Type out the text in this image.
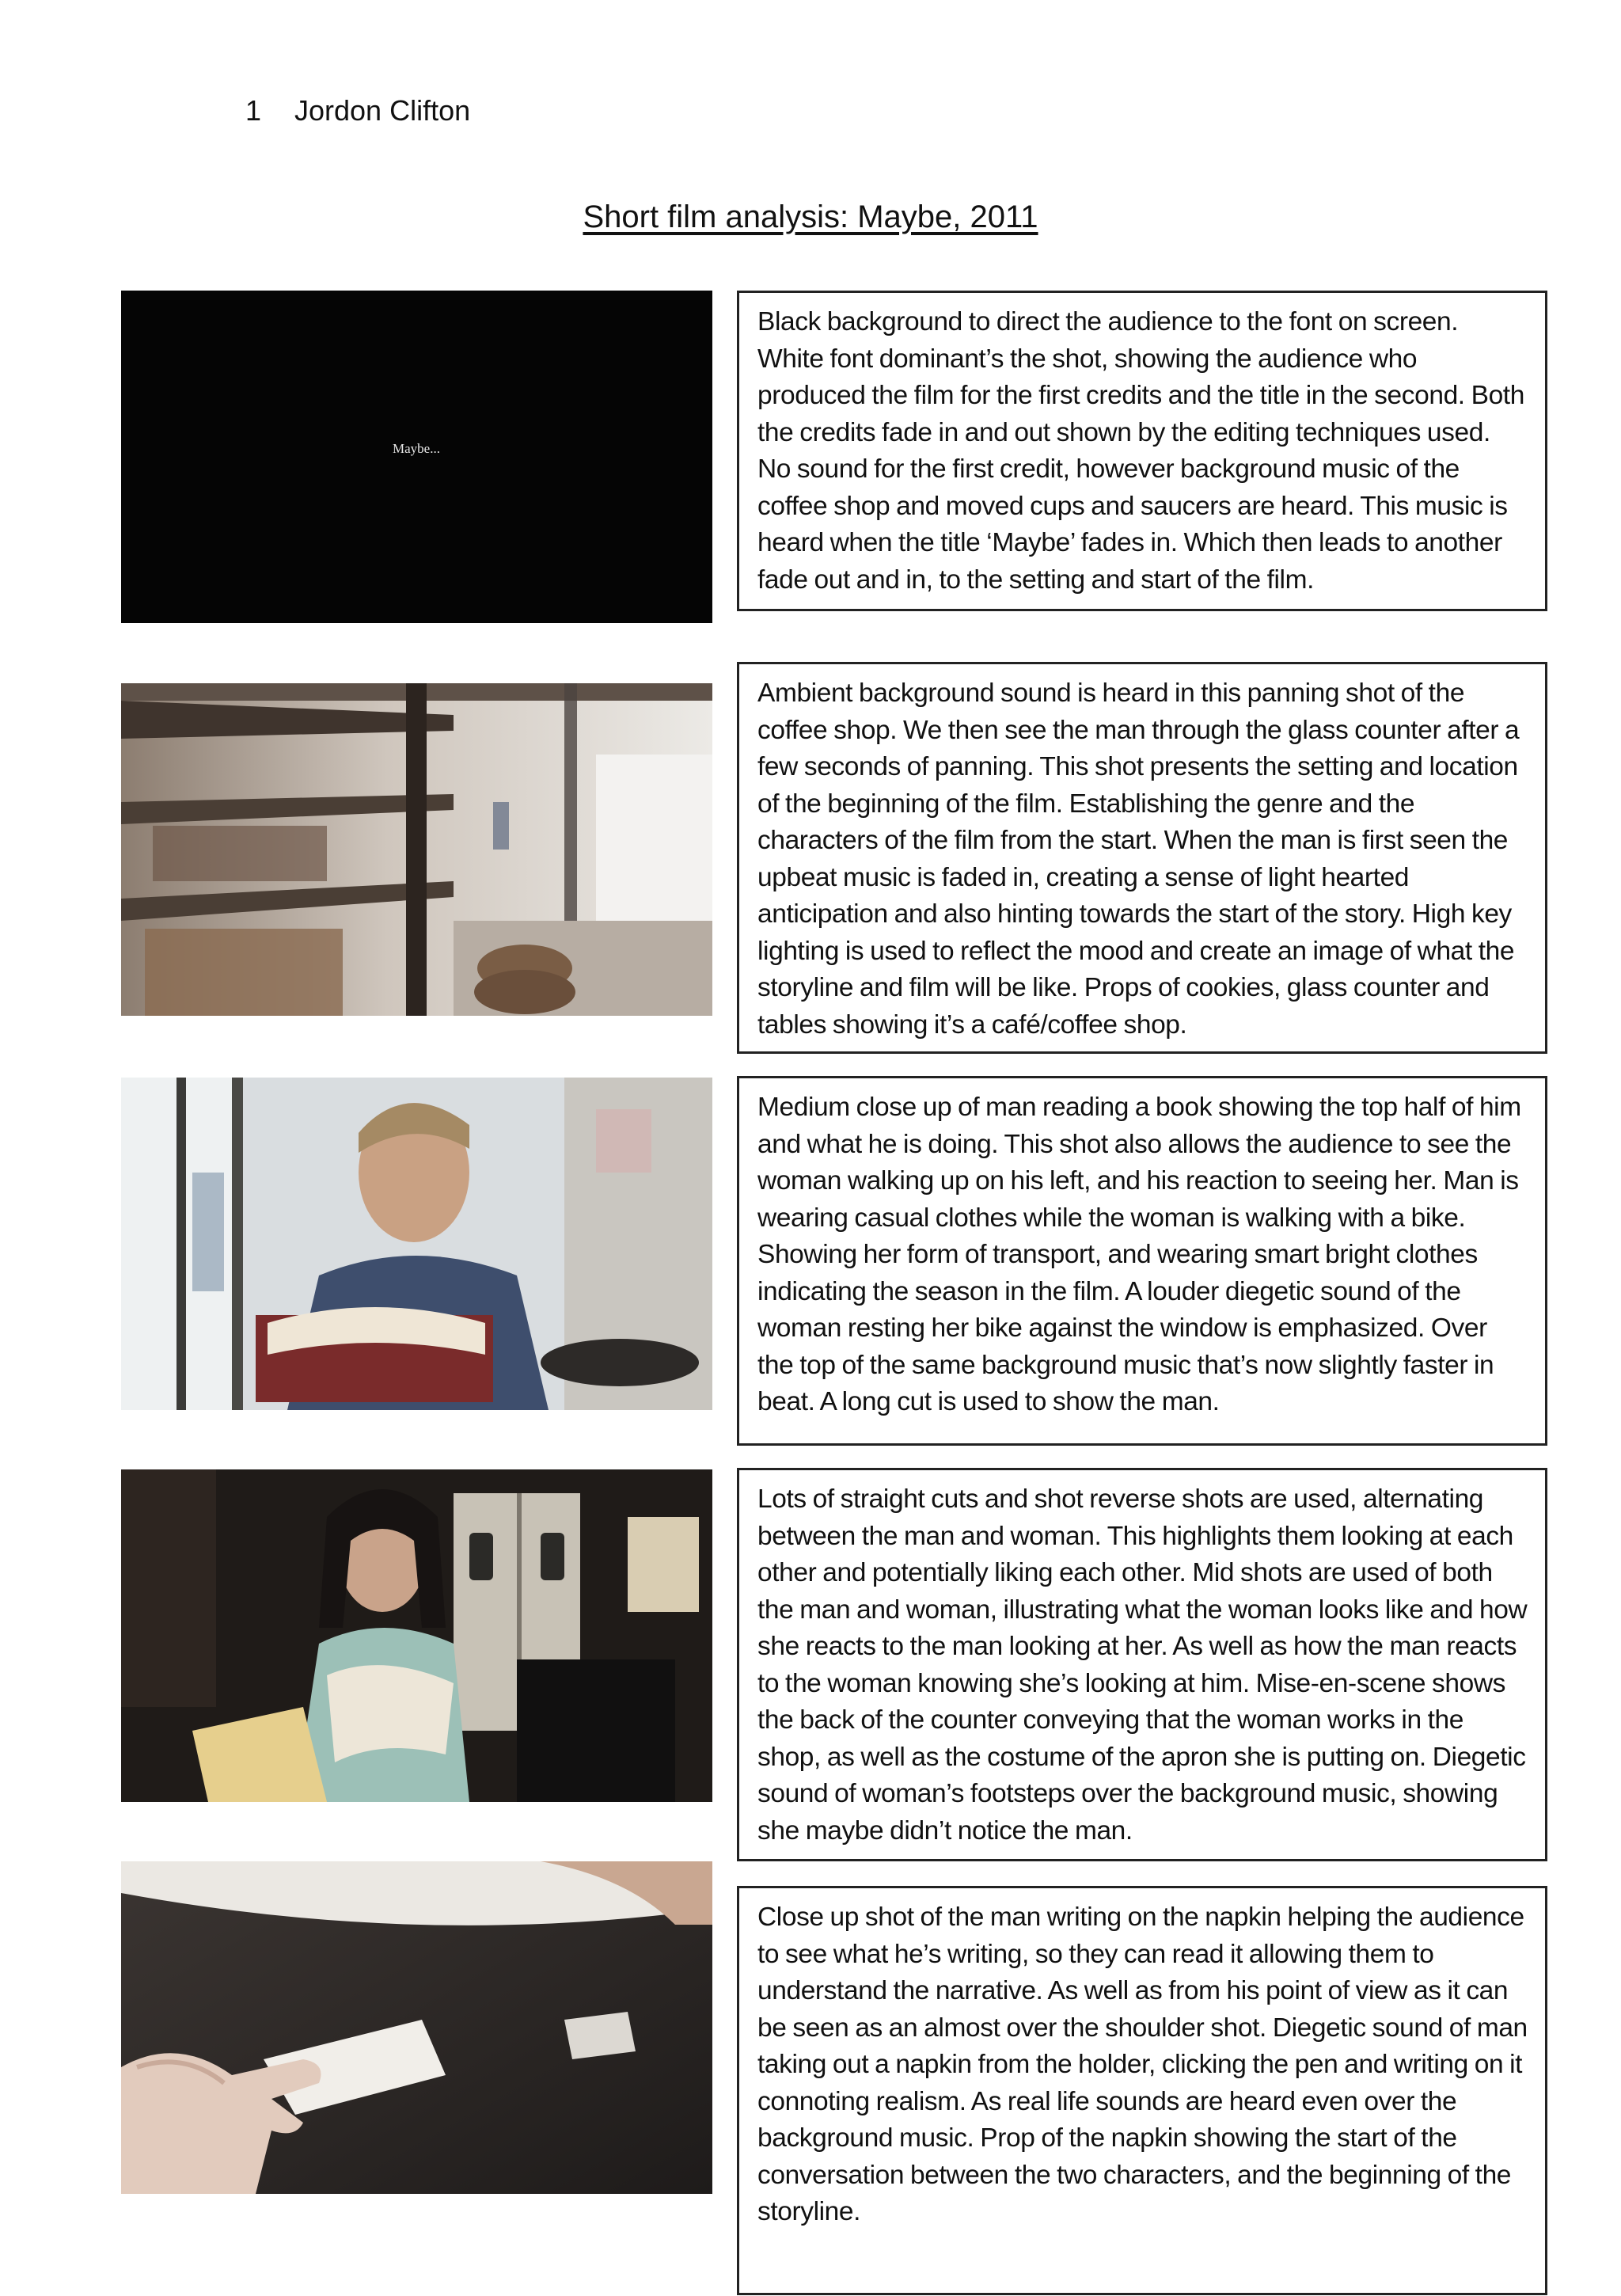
1 Jordon Clifton
Short film analysis: Maybe, 2011
Maybe...

Black background to direct the audience to the font on screen. White font dominant’s the shot, showing the audience who produced the film for the first credits and the title in the second. Both the credits fade in and out shown by the editing techniques used. No sound for the first credit, however background music of the coffee shop and moved cups and saucers are heard. This music is heard when the title ‘Maybe’ fades in. Which then leads to another fade out and in, to the setting and start of the film.

Ambient background sound is heard in this panning shot of the coffee shop. We then see the man through the glass counter after a few seconds of panning. This shot presents the setting and location of the beginning of the film. Establishing the genre and the characters of the film from the start. When the man is first seen the upbeat music is faded in, creating a sense of light hearted anticipation and also hinting towards the start of the story. High key lighting is used to reflect the mood and create an image of what the storyline and film will be like. Props of cookies, glass counter and tables showing it’s a café/coffee shop.

Medium close up of man reading a book showing the top half of him and what he is doing. This shot also allows the audience to see the woman walking up on his left, and his reaction to seeing her. Man is wearing casual clothes while the woman is walking with a bike. Showing her form of transport, and wearing smart bright clothes indicating the season in the film. A louder diegetic sound of the woman resting her bike against the window is emphasized. Over the top of the same background music that’s now slightly faster in beat. A long cut is used to show the man.

Lots of straight cuts and shot reverse shots are used, alternating between the man and woman. This highlights them looking at each other and potentially liking each other. Mid shots are used of both the man and woman, illustrating what the woman looks like and how she reacts to the man looking at her. As well as how the man reacts to the woman knowing she’s looking at him. Mise-en-scene shows the back of the counter conveying that the woman works in the shop, as well as the costume of the apron she is putting on. Diegetic sound of woman’s footsteps over the background music, showing she maybe didn’t notice the man.

Close up shot of the man writing on the napkin helping the audience to see what he’s writing, so they can read it allowing them to understand the narrative. As well as from his point of view as it can be seen as an almost over the shoulder shot. Diegetic sound of man taking out a napkin from the holder, clicking the pen and writing on it connoting realism. As real life sounds are heard even over the background music. Prop of the napkin showing the start of the conversation between the two characters, and the beginning of the storyline.
